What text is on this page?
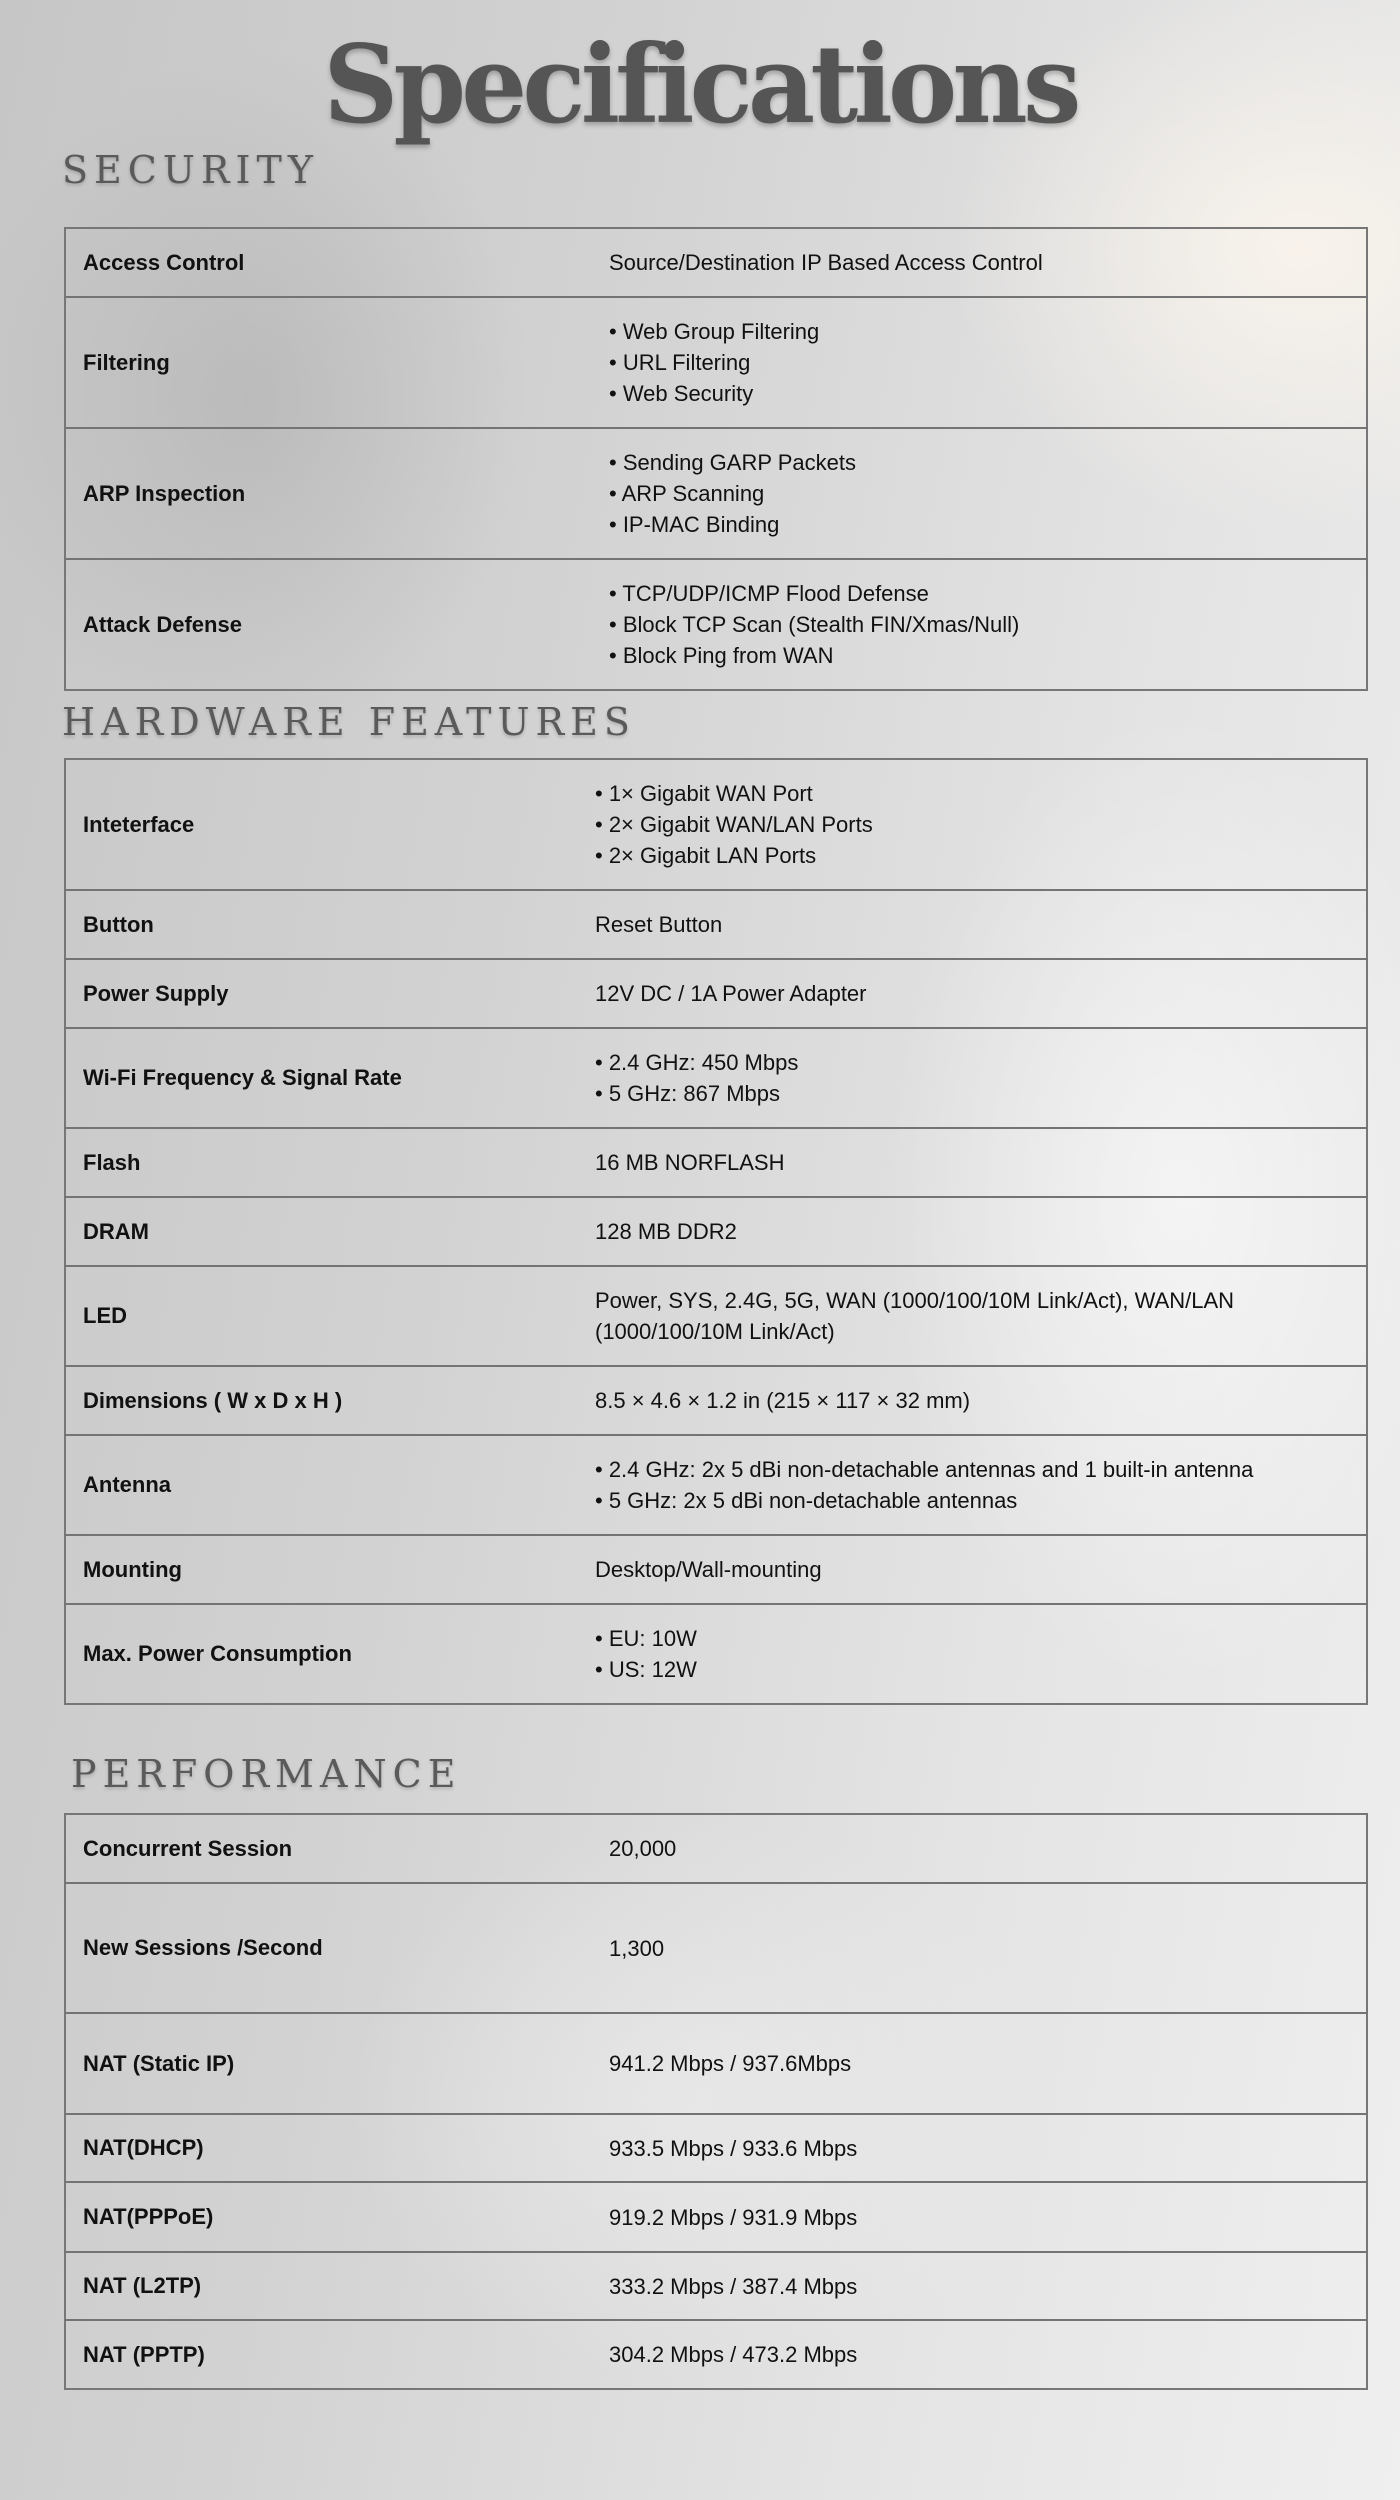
Specifications
SECURITY
Access Control	Source/Destination IP Based Access Control

Filtering	• Web Group Filtering
• URL Filtering
• Web Security

ARP Inspection	• Sending GARP Packets
• ARP Scanning
• IP-MAC Binding

Attack Defense	• TCP/UDP/ICMP Flood Defense
• Block TCP Scan (Stealth FIN/Xmas/Null)
• Block Ping from WAN
HARDWARE FEATURES
Inteterface	• 1× Gigabit WAN Port
• 2× Gigabit WAN/LAN Ports
• 2× Gigabit LAN Ports

Button	Reset Button

Power Supply	12V DC / 1A Power Adapter

Wi-Fi Frequency & Signal Rate	• 2.4 GHz: 450 Mbps
• 5 GHz: 867 Mbps

Flash	16 MB NORFLASH

DRAM	128 MB DDR2

LED	Power, SYS, 2.4G, 5G, WAN (1000/100/10M Link/Act), WAN/LAN
(1000/100/10M Link/Act)

Dimensions ( W x D x H )	8.5 × 4.6 × 1.2 in (215 × 117 × 32 mm)

Antenna	• 2.4 GHz: 2x 5 dBi non-detachable antennas and 1 built-in antenna
• 5 GHz: 2x 5 dBi non-detachable antennas

Mounting	Desktop/Wall-mounting

Max. Power Consumption	• EU: 10W
• US: 12W
PERFORMANCE
Concurrent Session	20,000

New Sessions /Second	1,300

NAT (Static IP)	941.2 Mbps / 937.6Mbps

NAT(DHCP)	933.5 Mbps / 933.6 Mbps

NAT(PPPoE)	919.2 Mbps / 931.9 Mbps

NAT (L2TP)	333.2 Mbps / 387.4 Mbps

NAT (PPTP)	304.2 Mbps / 473.2 Mbps
